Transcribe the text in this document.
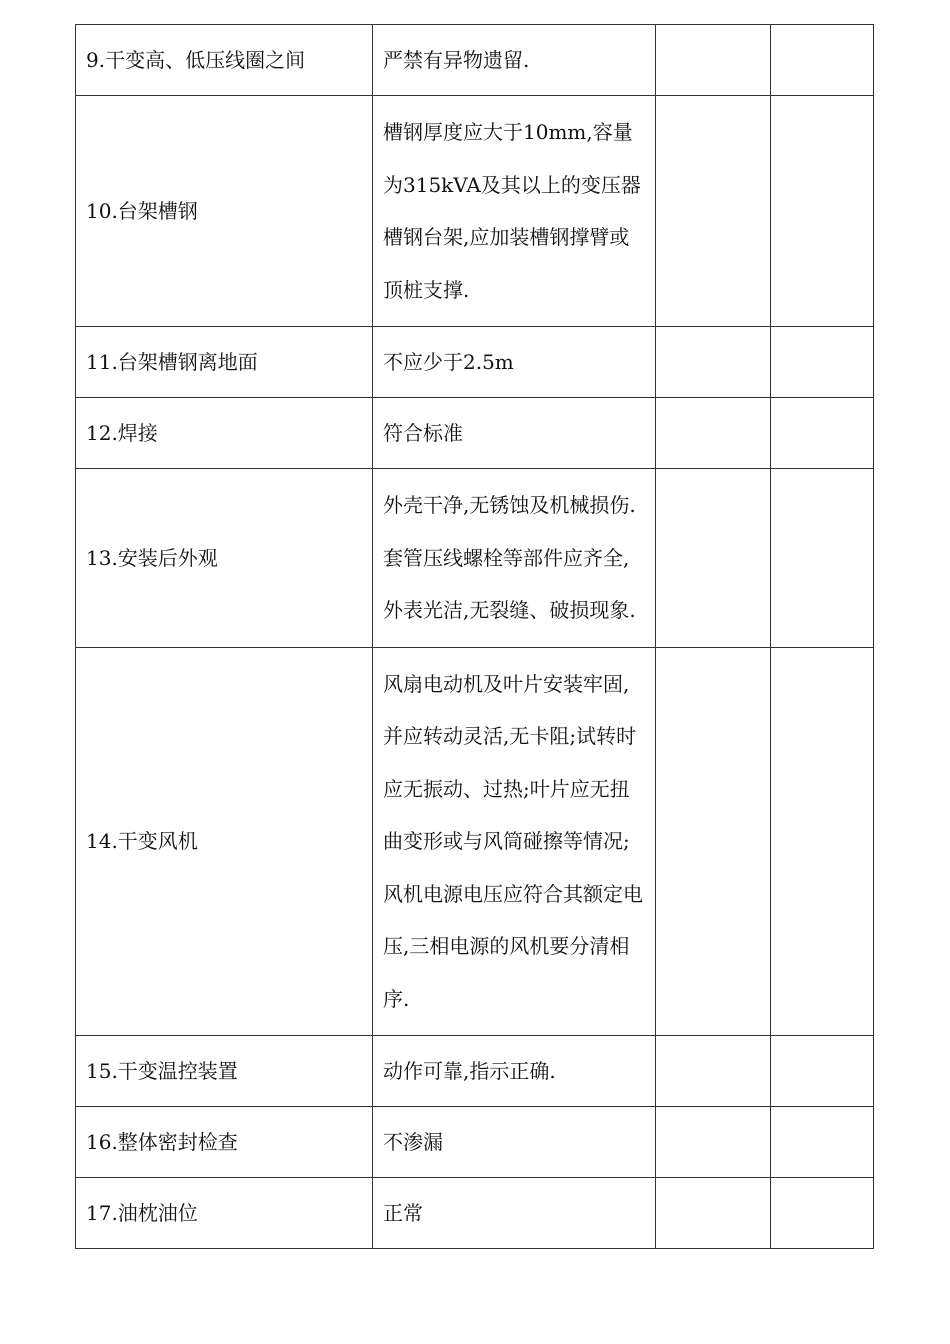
9.干变高、低压线圈之间	严禁有异物遗留.		
10.台架槽钢	槽钢厚度应大于10mm,容量为315kVA及其以上的变压器槽钢台架,应加装槽钢撑臂或顶桩支撑.		
11.台架槽钢离地面	不应少于2.5m		
12.焊接	符合标准		
13.安装后外观	外壳干净,无锈蚀及机械损伤.套管压线螺栓等部件应齐全,外表光洁,无裂缝、破损现象.		
14.干变风机	风扇电动机及叶片安装牢固,并应转动灵活,无卡阻;试转时应无振动、过热;叶片应无扭曲变形或与风筒碰擦等情况;风机电源电压应符合其额定电压,三相电源的风机要分清相序.		
15.干变温控装置	动作可靠,指示正确.		
16.整体密封检查	不渗漏		
17.油枕油位	正常		
